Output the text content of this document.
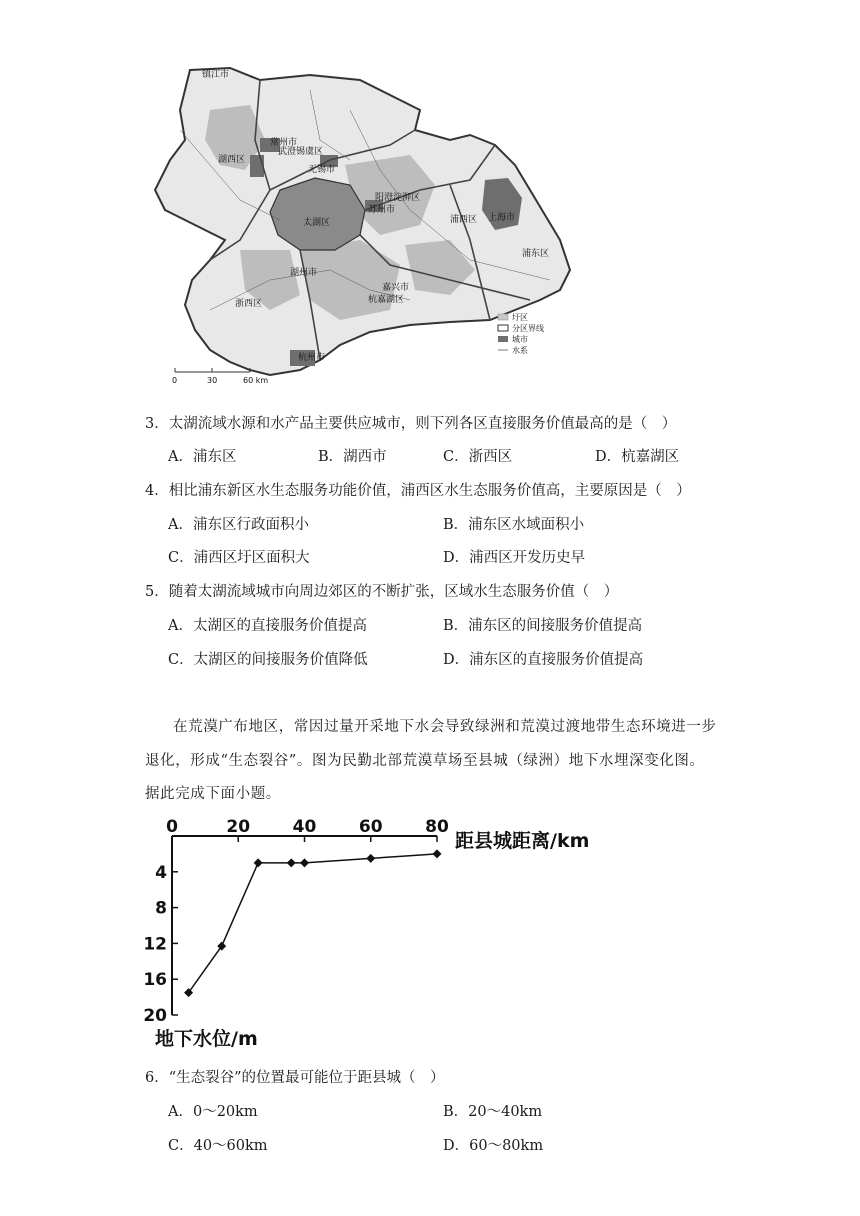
镇江市
常州市
湖西区
武澄锡虞区
无锡市
阳澄淀泖区
苏州市
太湖区	浦西区 上海市
浦东区
湖州市
浙西区
嘉兴市
杭嘉湖区
杭州市
圩区
分区界线
城市
水系
0	30	60 km
3．太湖流域水源和水产品主要供应城市，则下列各区直接服务价值最高的是（　）
A．浦东区	B．湖西市	C．浙西区	D．杭嘉湖区
4．相比浦东新区水生态服务功能价值，浦西区水生态服务价值高，主要原因是（　）
A．浦东区行政面积小	B．浦东区水域面积小
C．浦西区圩区面积大	D．浦西区开发历史早
5．随着太湖流域城市向周边郊区的不断扩张，区域水生态服务价值（　）
A．太湖区的直接服务价值提高	B．浦东区的间接服务价值提高
C．太湖区的间接服务价值降低	D．浦东区的直接服务价值提高
在荒漠广布地区，常因过量开采地下水会导致绿洲和荒漠过渡地带生态环境进一步
退化，形成“生态裂谷”。图为民勤北部荒漠草场至县城（绿洲）地下水埋深变化图。
据此完成下面小题。
0	20	40	60	80
4
8
12
16
20
距县城距离/km
地下水位/m
6．“生态裂谷”的位置最可能位于距县城（　）
A．0～20km	B．20～40km
C．40～60km	D．60～80km
